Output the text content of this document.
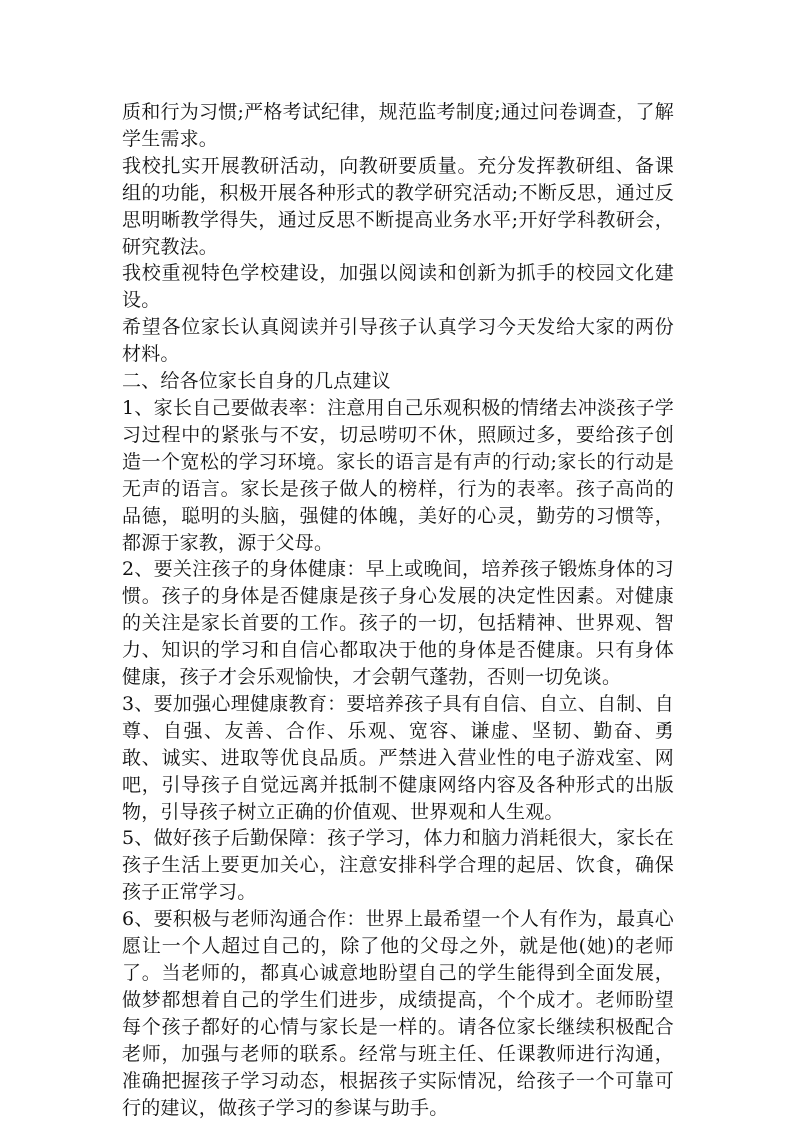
质和行为习惯;严格考试纪律，规范监考制度;通过问卷调查，了解学生需求。

我校扎实开展教研活动，向教研要质量。充分发挥教研组、备课组的功能，积极开展各种形式的教学研究活动;不断反思，通过反思明晰教学得失，通过反思不断提高业务水平;开好学科教研会，研究教法。

我校重视特色学校建设，加强以阅读和创新为抓手的校园文化建设。

希望各位家长认真阅读并引导孩子认真学习今天发给大家的两份材料。

二、给各位家长自身的几点建议

1、家长自己要做表率：注意用自己乐观积极的情绪去冲淡孩子学习过程中的紧张与不安，切忌唠叨不休，照顾过多，要给孩子创造一个宽松的学习环境。家长的语言是有声的行动;家长的行动是无声的语言。家长是孩子做人的榜样，行为的表率。孩子高尚的品德，聪明的头脑，强健的体魄，美好的心灵，勤劳的习惯等，都源于家教，源于父母。

2、要关注孩子的身体健康：早上或晚间，培养孩子锻炼身体的习惯。孩子的身体是否健康是孩子身心发展的决定性因素。对健康的关注是家长首要的工作。孩子的一切，包括精神、世界观、智力、知识的学习和自信心都取决于他的身体是否健康。只有身体健康，孩子才会乐观愉快，才会朝气蓬勃，否则一切免谈。

3、要加强心理健康教育：要培养孩子具有自信、自立、自制、自尊、自强、友善、合作、乐观、宽容、谦虚、坚韧、勤奋、勇敢、诚实、进取等优良品质。严禁进入营业性的电子游戏室、网吧，引导孩子自觉远离并抵制不健康网络内容及各种形式的出版物，引导孩子树立正确的价值观、世界观和人生观。

5、做好孩子后勤保障：孩子学习，体力和脑力消耗很大，家长在孩子生活上要更加关心，注意安排科学合理的起居、饮食，确保孩子正常学习。

6、要积极与老师沟通合作：世界上最希望一个人有作为，最真心愿让一个人超过自己的，除了他的父母之外，就是他(她)的老师了。当老师的，都真心诚意地盼望自己的学生能得到全面发展，做梦都想着自己的学生们进步，成绩提高，个个成才。老师盼望每个孩子都好的心情与家长是一样的。请各位家长继续积极配合老师，加强与老师的联系。经常与班主任、任课教师进行沟通，准确把握孩子学习动态，根据孩子实际情况，给孩子一个可靠可行的建议，做孩子学习的参谋与助手。
